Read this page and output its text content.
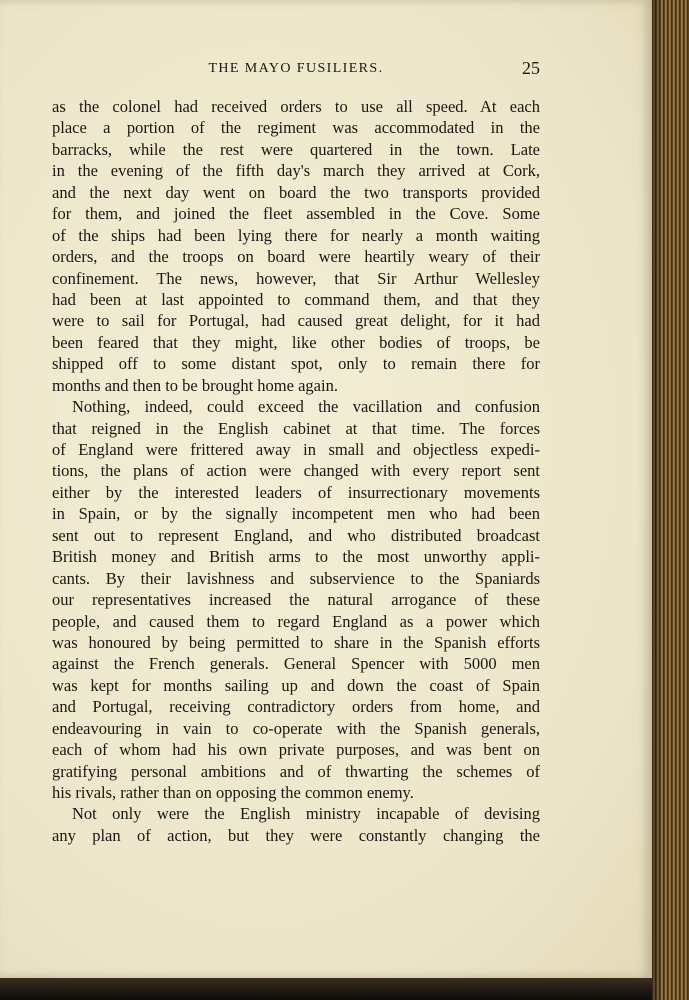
THE MAYO FUSILIERS.	25
as the colonel had received orders to use all speed. At each
place a portion of the regiment was accommodated in the
barracks, while the rest were quartered in the town. Late
in the evening of the fifth day's march they arrived at Cork,
and the next day went on board the two transports provided
for them, and joined the fleet assembled in the Cove. Some
of the ships had been lying there for nearly a month waiting
orders, and the troops on board were heartily weary of their
confinement. The news, however, that Sir Arthur Wellesley
had been at last appointed to command them, and that they
were to sail for Portugal, had caused great delight, for it had
been feared that they might, like other bodies of troops, be
shipped off to some distant spot, only to remain there for
months and then to be brought home again.
Nothing, indeed, could exceed the vacillation and confusion
that reigned in the English cabinet at that time. The forces
of England were frittered away in small and objectless expedi-
tions, the plans of action were changed with every report sent
either by the interested leaders of insurrectionary movements
in Spain, or by the signally incompetent men who had been
sent out to represent England, and who distributed broadcast
British money and British arms to the most unworthy appli-
cants. By their lavishness and subservience to the Spaniards
our representatives increased the natural arrogance of these
people, and caused them to regard England as a power which
was honoured by being permitted to share in the Spanish efforts
against the French generals. General Spencer with 5000 men
was kept for months sailing up and down the coast of Spain
and Portugal, receiving contradictory orders from home, and
endeavouring in vain to co-operate with the Spanish generals,
each of whom had his own private purposes, and was bent on
gratifying personal ambitions and of thwarting the schemes of
his rivals, rather than on opposing the common enemy.
Not only were the English ministry incapable of devising
any plan of action, but they were constantly changing the
